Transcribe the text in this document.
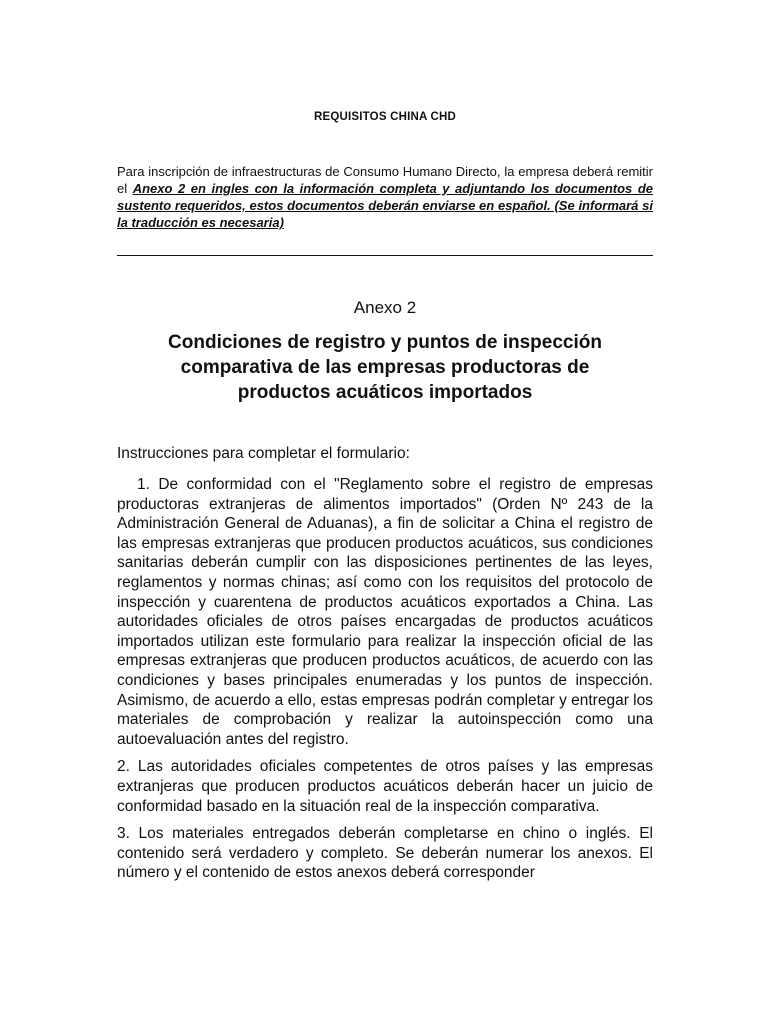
REQUISITOS CHINA CHD
Para inscripción de infraestructuras de Consumo Humano Directo, la empresa deberá remitir el Anexo 2 en ingles con la información completa y adjuntando los documentos de sustento requeridos, estos documentos deberán enviarse en español. (Se informará si la traducción es necesaria)
Anexo 2
Condiciones de registro y puntos de inspección comparativa de las empresas productoras de productos acuáticos importados
Instrucciones para completar el formulario:

1. De conformidad con el "Reglamento sobre el registro de empresas productoras extranjeras de alimentos importados" (Orden Nº 243 de la Administración General de Aduanas), a fin de solicitar a China el registro de las empresas extranjeras que producen productos acuáticos, sus condiciones sanitarias deberán cumplir con las disposiciones pertinentes de las leyes, reglamentos y normas chinas; así como con los requisitos del protocolo de inspección y cuarentena de productos acuáticos exportados a China. Las autoridades oficiales de otros países encargadas de productos acuáticos importados utilizan este formulario para realizar la inspección oficial de las empresas extranjeras que producen productos acuáticos, de acuerdo con las condiciones y bases principales enumeradas y los puntos de inspección. Asimismo, de acuerdo a ello, estas empresas podrán completar y entregar los materiales de comprobación y realizar la autoinspección como una autoevaluación antes del registro.

2. Las autoridades oficiales competentes de otros países y las empresas extranjeras que producen productos acuáticos deberán hacer un juicio de conformidad basado en la situación real de la inspección comparativa.

3. Los materiales entregados deberán completarse en chino o inglés. El contenido será verdadero y completo. Se deberán numerar los anexos. El número y el contenido de estos anexos deberá corresponder
